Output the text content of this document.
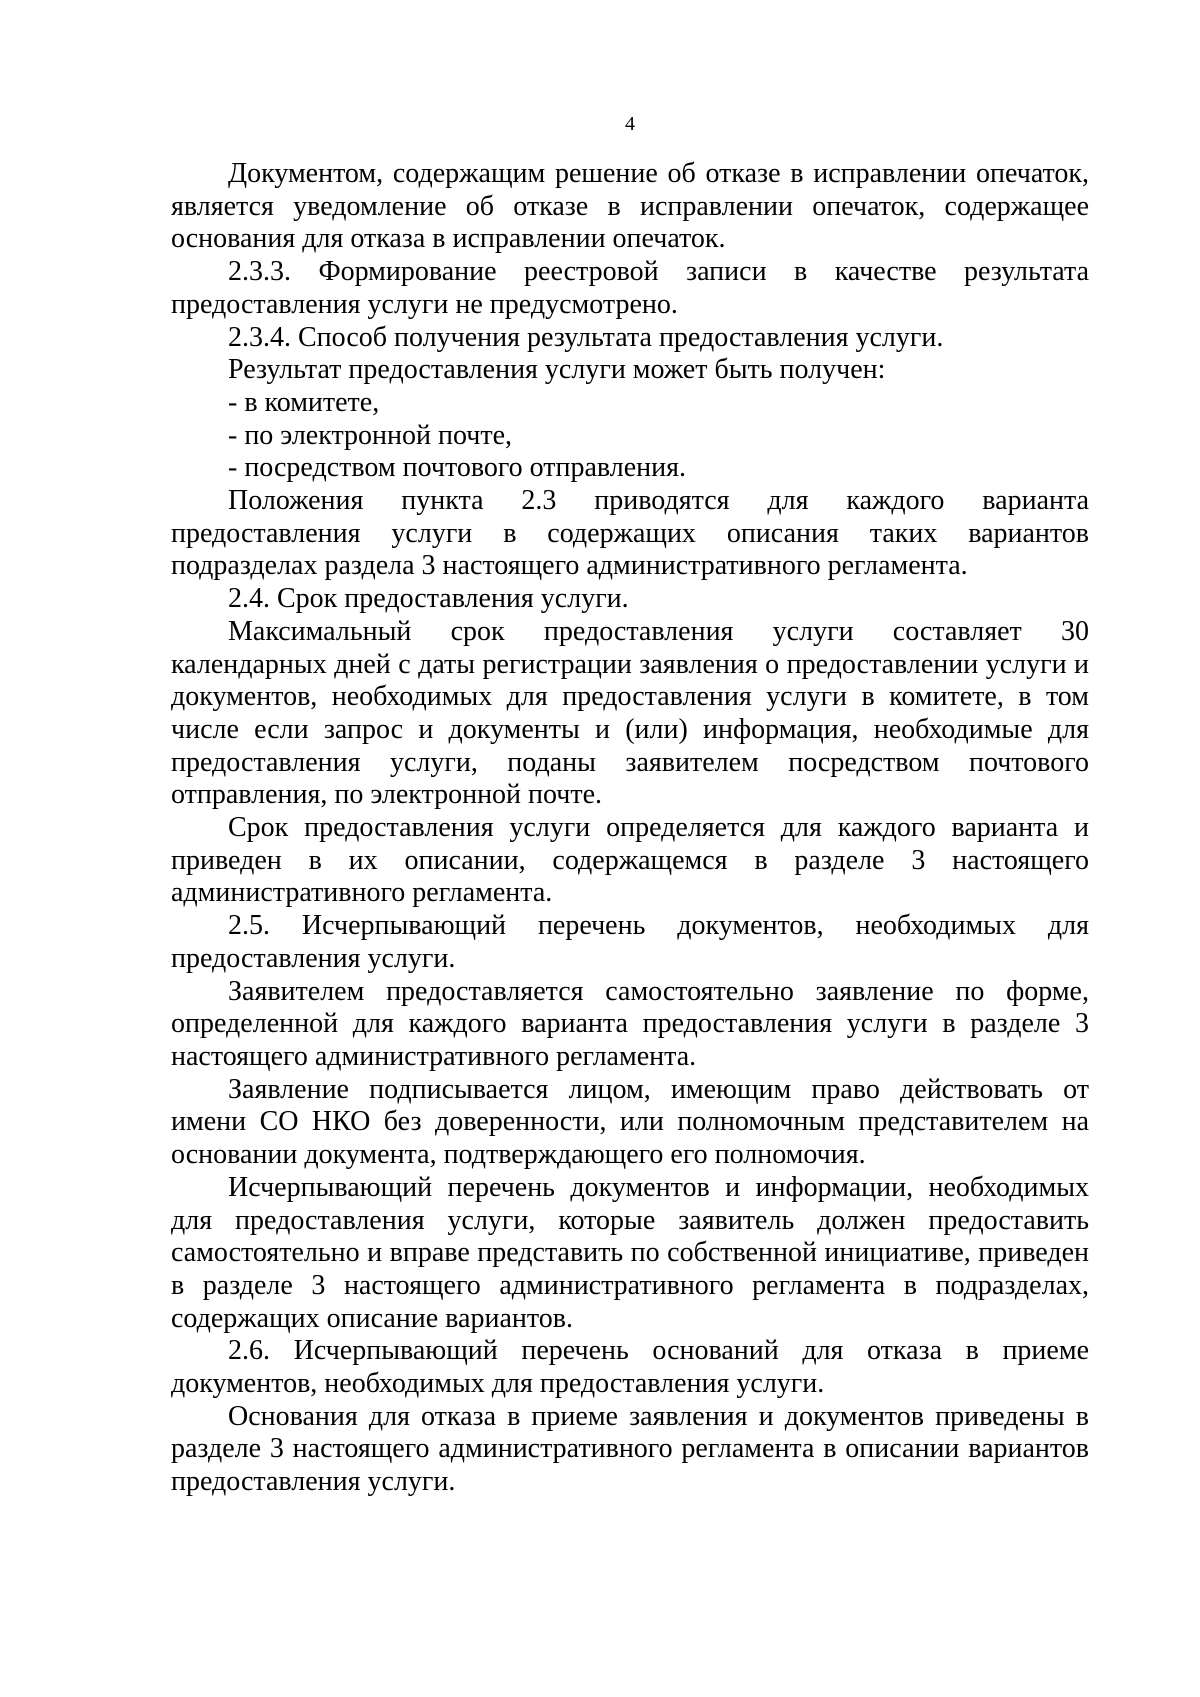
4

Документом, содержащим решение об отказе в исправлении опечаток, является уведомление об отказе в исправлении опечаток, содержащее основания для отказа в исправлении опечаток.

2.3.3. Формирование реестровой записи в качестве результата предоставления услуги не предусмотрено.

2.3.4. Способ получения результата предоставления услуги.

Результат предоставления услуги может быть получен:

- в комитете,

- по электронной почте,

- посредством почтового отправления.

Положения пункта 2.3 приводятся для каждого варианта предоставления услуги в содержащих описания таких вариантов подразделах раздела 3 настоящего административного регламента.

2.4. Срок предоставления услуги.

Максимальный срок предоставления услуги составляет 30 календарных дней с даты регистрации заявления о предоставлении услуги и документов, необходимых для предоставления услуги в комитете, в том числе если запрос и документы и (или) информация, необходимые для предоставления услуги, поданы заявителем посредством почтового отправления, по электронной почте.

Срок предоставления услуги определяется для каждого варианта и приведен в их описании, содержащемся в разделе 3 настоящего административного регламента.

2.5. Исчерпывающий перечень документов, необходимых для предоставления услуги.

Заявителем предоставляется самостоятельно заявление по форме, определенной для каждого варианта предоставления услуги в разделе 3 настоящего административного регламента.

Заявление подписывается лицом, имеющим право действовать от имени СО НКО без доверенности, или полномочным представителем на основании документа, подтверждающего его полномочия.

Исчерпывающий перечень документов и информации, необходимых для предоставления услуги, которые заявитель должен предоставить самостоятельно и вправе представить по собственной инициативе, приведен в разделе 3 настоящего административного регламента в подразделах, содержащих описание вариантов.

2.6. Исчерпывающий перечень оснований для отказа в приеме документов, необходимых для предоставления услуги.

Основания для отказа в приеме заявления и документов приведены в разделе 3 настоящего административного регламента в описании вариантов предоставления услуги.
